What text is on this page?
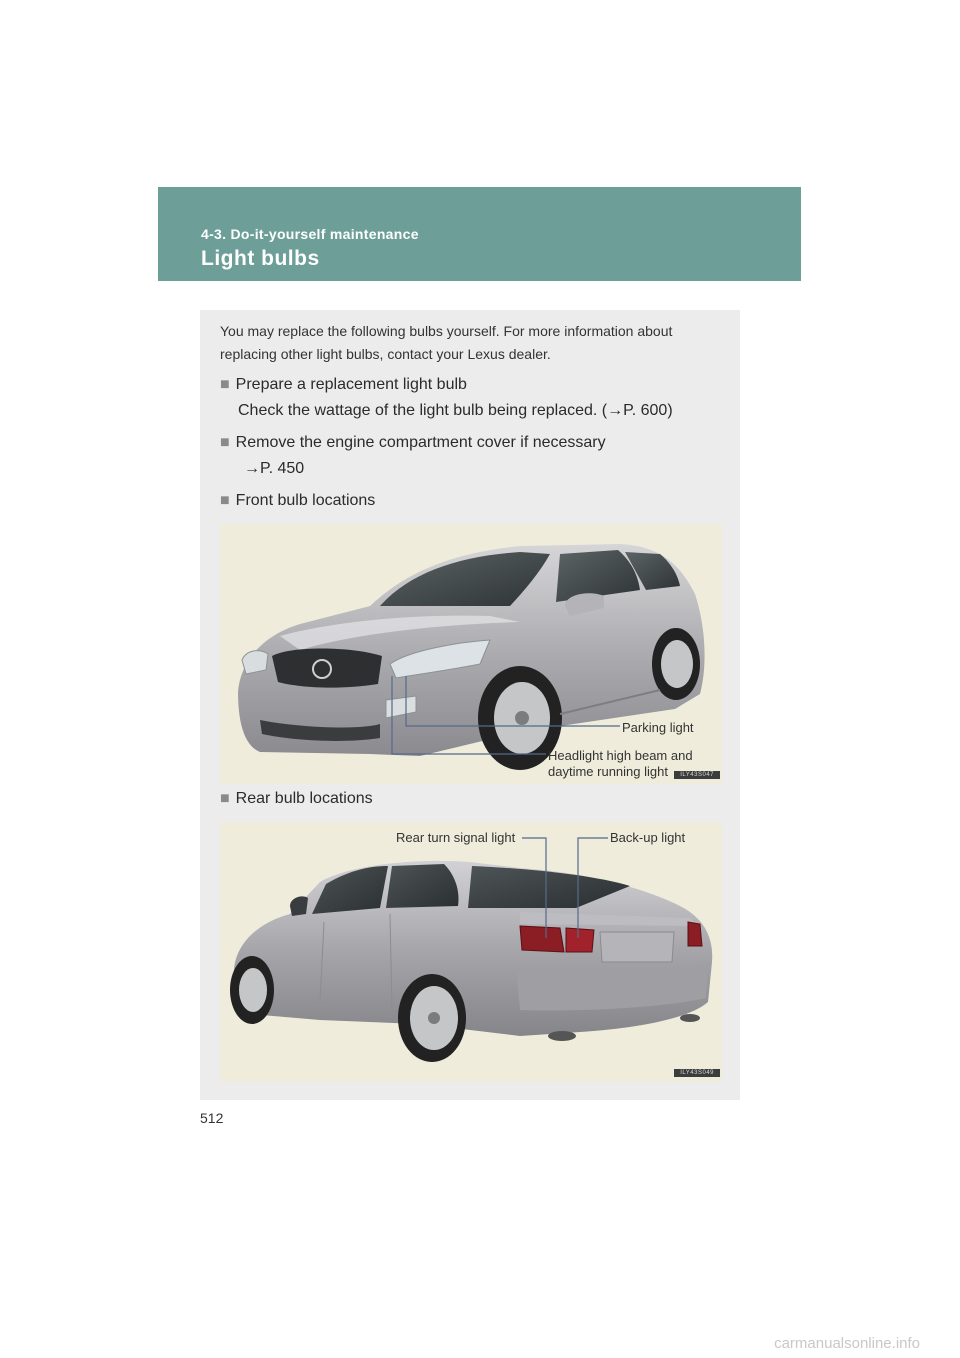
4-3. Do-it-yourself maintenance
Light bulbs
You may replace the following bulbs yourself. For more information about replacing other light bulbs, contact your Lexus dealer.
■ Prepare a replacement light bulb
Check the wattage of the light bulb being replaced. (→P. 600)
■ Remove the engine compartment cover if necessary
→P. 450
■ Front bulb locations
Parking light
Headlight high beam and
daytime running light	ILY43S047
■ Rear bulb locations
Rear turn signal light	Back-up light
ILY43S049
512
carmanualsonline.info
